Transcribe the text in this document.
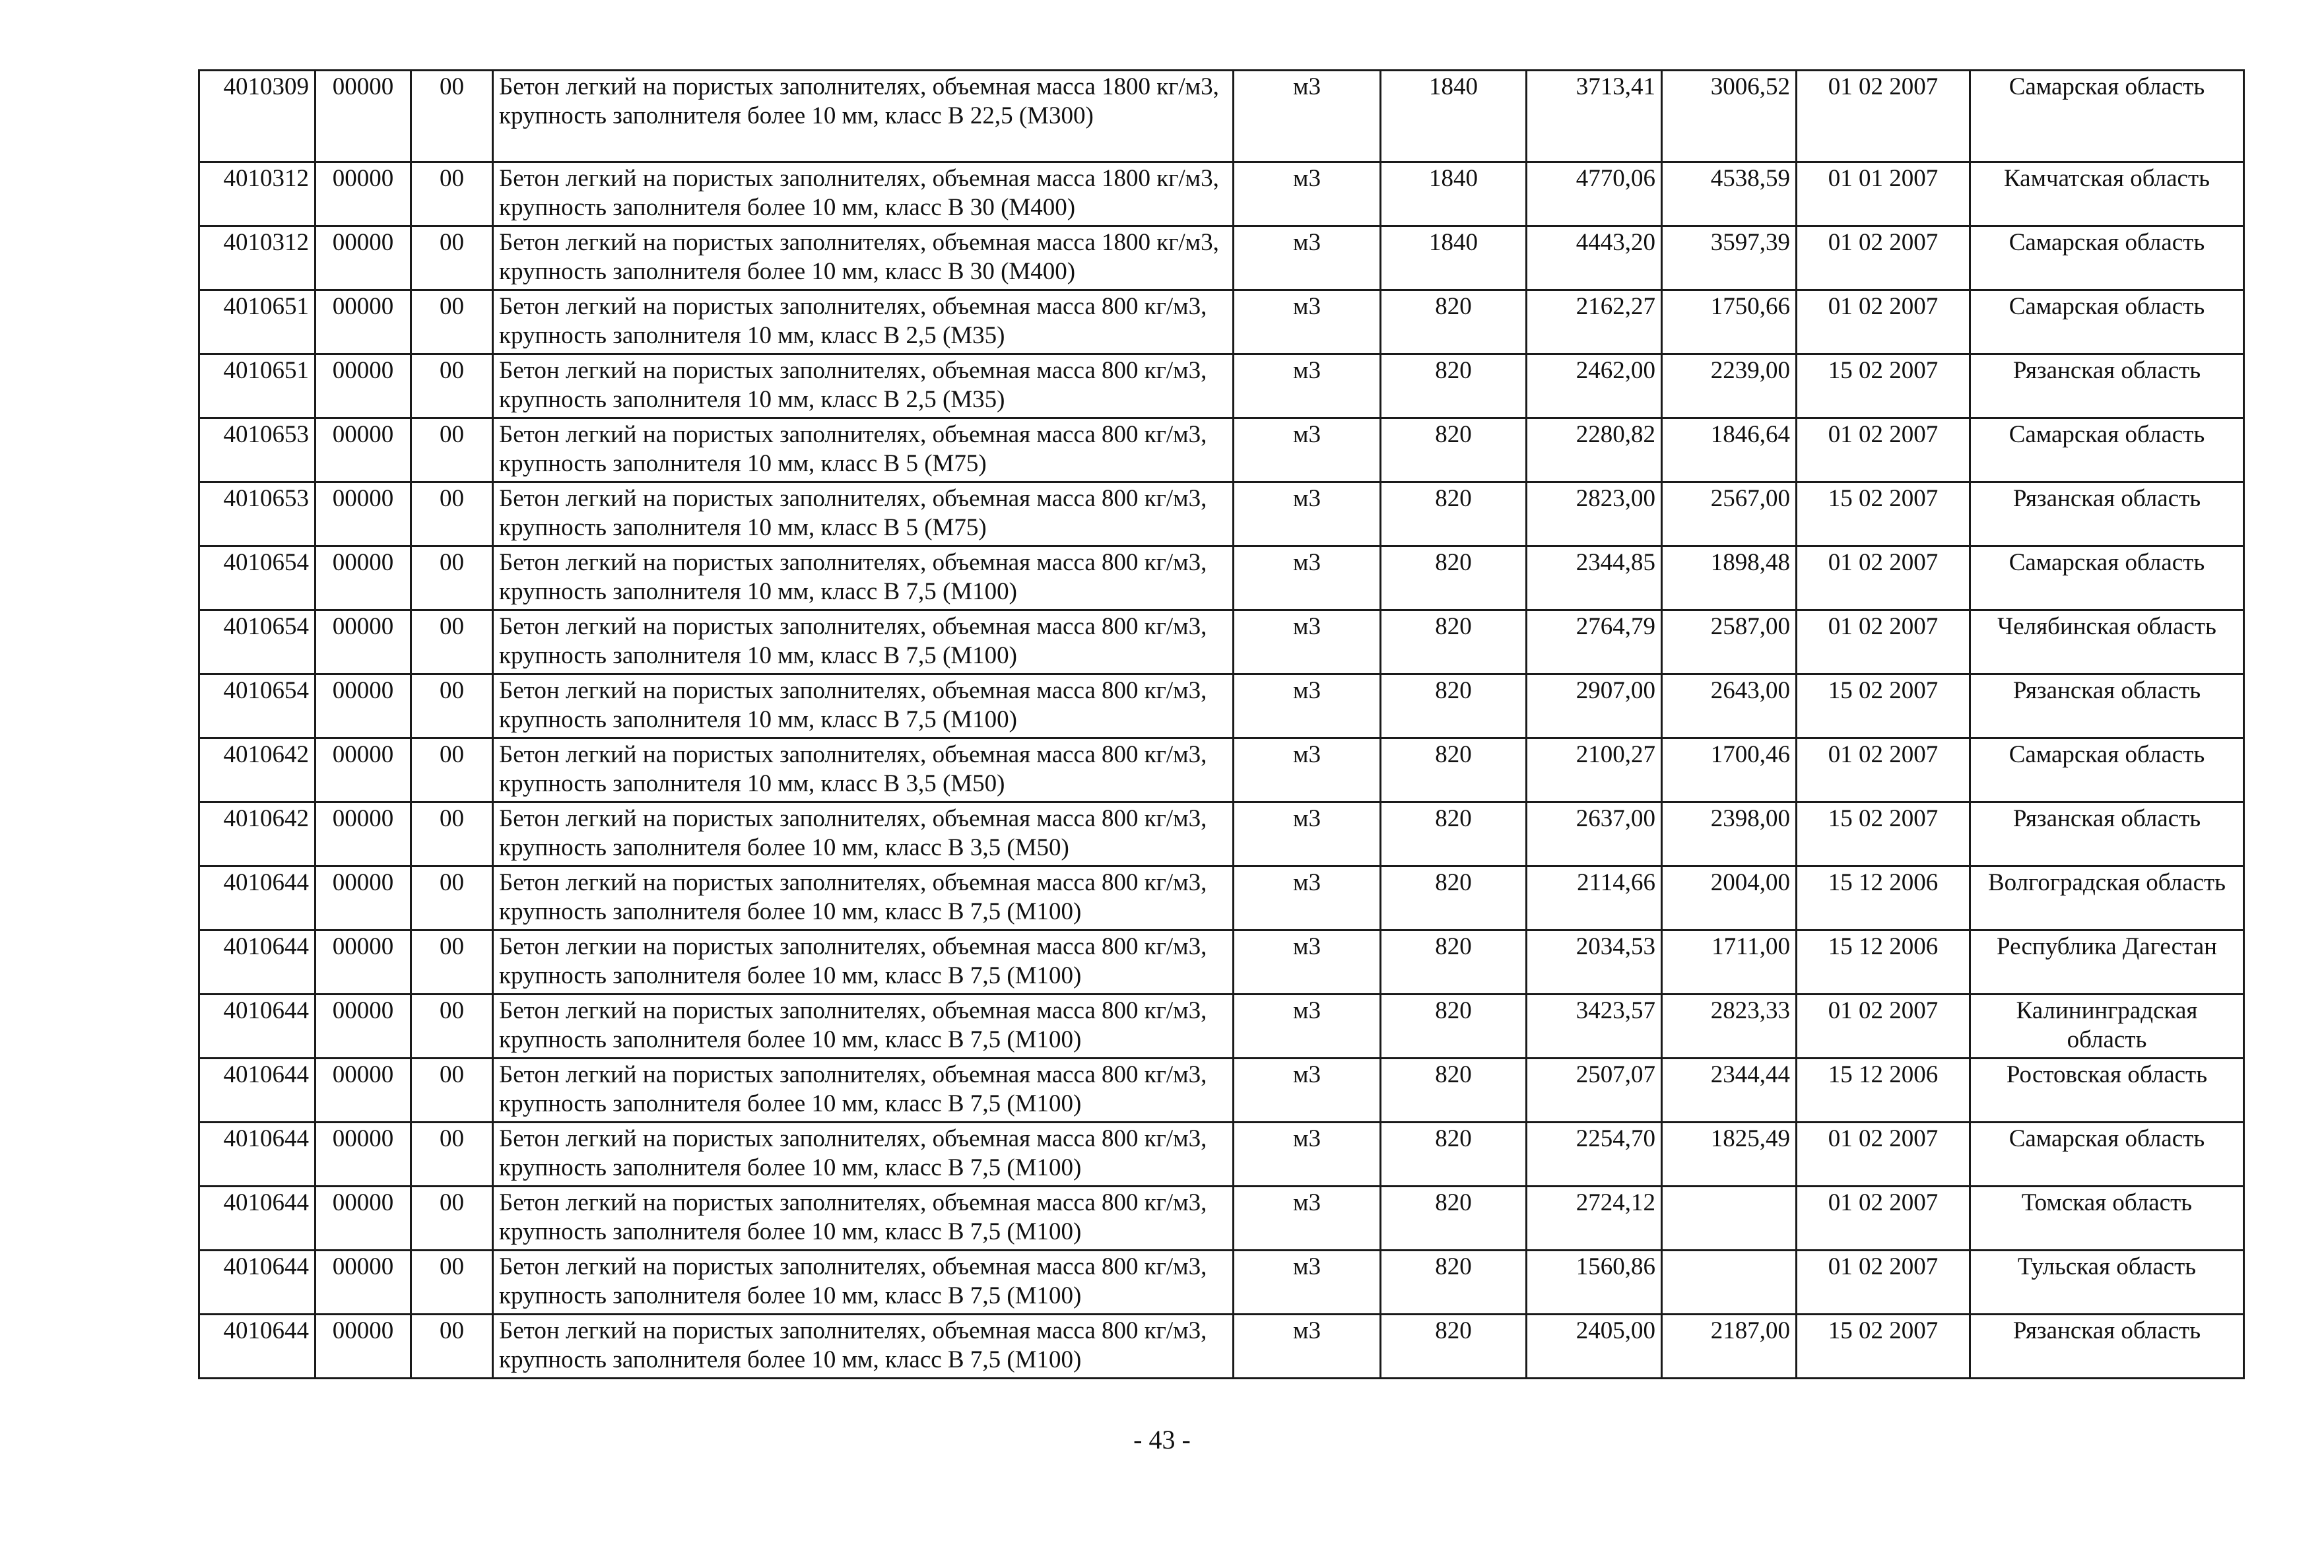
4010309	00000	00	Бетон легкий на пористых заполнителях, объемная масса 1800 кг/м3, крупность заполнителя более 10 мм, класс В 22,5 (М300)	м3	1840	3713,41	3006,52	01 02 2007	Самарская область
4010312	00000	00	Бетон легкий на пористых заполнителях, объемная масса 1800 кг/м3, крупность заполнителя более 10 мм, класс В 30 (М400)	м3	1840	4770,06	4538,59	01 01 2007	Камчатская область
4010312	00000	00	Бетон легкий на пористых заполнителях, объемная масса 1800 кг/м3, крупность заполнителя более 10 мм, класс В 30 (М400)	м3	1840	4443,20	3597,39	01 02 2007	Самарская область
4010651	00000	00	Бетон легкий на пористых заполнителях, объемная масса 800 кг/м3, крупность заполнителя 10 мм, класс В 2,5 (М35)	м3	820	2162,27	1750,66	01 02 2007	Самарская область
4010651	00000	00	Бетон легкий на пористых заполнителях, объемная масса 800 кг/м3, крупность заполнителя 10 мм, класс В 2,5 (М35)	м3	820	2462,00	2239,00	15 02 2007	Рязанская область
4010653	00000	00	Бетон легкий на пористых заполнителях, объемная масса 800 кг/м3, крупность заполнителя 10 мм, класс В 5 (М75)	м3	820	2280,82	1846,64	01 02 2007	Самарская область
4010653	00000	00	Бетон легкий на пористых заполнителях, объемная масса 800 кг/м3, крупность заполнителя 10 мм, класс В 5 (М75)	м3	820	2823,00	2567,00	15 02 2007	Рязанская область
4010654	00000	00	Бетон легкий на пористых заполнителях, объемная масса 800 кг/м3, крупность заполнителя 10 мм, класс В 7,5 (М100)	м3	820	2344,85	1898,48	01 02 2007	Самарская область
4010654	00000	00	Бетон легкий на пористых заполнителях, объемная масса 800 кг/м3, крупность заполнителя 10 мм, класс В 7,5 (М100)	м3	820	2764,79	2587,00	01 02 2007	Челябинская область
4010654	00000	00	Бетон легкий на пористых заполнителях, объемная масса 800 кг/м3, крупность заполнителя 10 мм, класс В 7,5 (М100)	м3	820	2907,00	2643,00	15 02 2007	Рязанская область
4010642	00000	00	Бетон легкий на пористых заполнителях, объемная масса 800 кг/м3, крупность заполнителя 10 мм, класс В 3,5 (М50)	м3	820	2100,27	1700,46	01 02 2007	Самарская область
4010642	00000	00	Бетон легкий на пористых заполнителях, объемная масса 800 кг/м3, крупность заполнителя более 10 мм, класс В 3,5 (М50)	м3	820	2637,00	2398,00	15 02 2007	Рязанская область
4010644	00000	00	Бетон легкий на пористых заполнителях, объемная масса 800 кг/м3, крупность заполнителя более 10 мм, класс В 7,5 (М100)	м3	820	2114,66	2004,00	15 12 2006	Волгоградская область
4010644	00000	00	Бетон легкии на пористых заполнителях, объемная масса 800 кг/м3, крупность заполнителя более 10 мм, класс В 7,5 (М100)	м3	820	2034,53	1711,00	15 12 2006	Республика Дагестан
4010644	00000	00	Бетон легкий на пористых заполнителях, объемная масса 800 кг/м3, крупность заполнителя более 10 мм, класс В 7,5 (М100)	м3	820	3423,57	2823,33	01 02 2007	Калининградская область
4010644	00000	00	Бетон легкий на пористых заполнителях, объемная масса 800 кг/м3, крупность заполнителя более 10 мм, класс В 7,5 (М100)	м3	820	2507,07	2344,44	15 12 2006	Ростовская область
4010644	00000	00	Бетон легкий на пористых заполнителях, объемная масса 800 кг/м3, крупность заполнителя более 10 мм, класс В 7,5 (М100)	м3	820	2254,70	1825,49	01 02 2007	Самарская область
4010644	00000	00	Бетон легкий на пористых заполнителях, объемная масса 800 кг/м3, крупность заполнителя более 10 мм, класс В 7,5 (М100)	м3	820	2724,12		01 02 2007	Томская область
4010644	00000	00	Бетон легкий на пористых заполнителях, объемная масса 800 кг/м3, крупность заполнителя более 10 мм, класс В 7,5 (М100)	м3	820	1560,86		01 02 2007	Тульская область
4010644	00000	00	Бетон легкий на пористых заполнителях, объемная масса 800 кг/м3, крупность заполнителя более 10 мм, класс В 7,5 (М100)	м3	820	2405,00	2187,00	15 02 2007	Рязанская область
- 43 -
